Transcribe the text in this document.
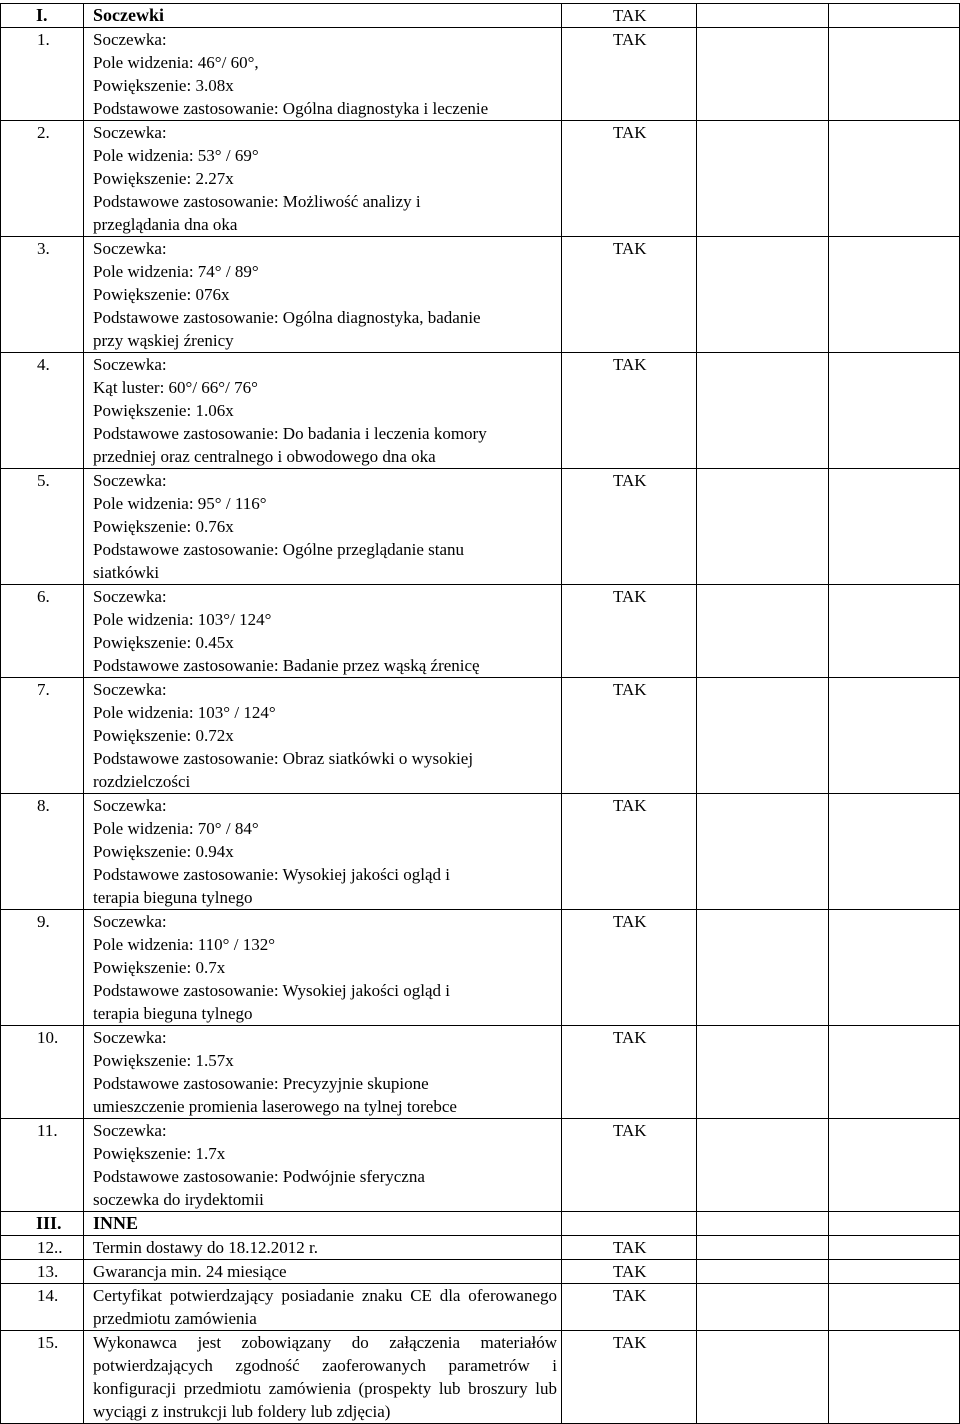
I.	Soczewki	TAK		
1.	Soczewka:
Pole widzenia: 46°/ 60°,
Powiększenie: 3.08x
Podstawowe zastosowanie: Ogólna diagnostyka i leczenie	TAK		
2.	Soczewka:
Pole widzenia: 53° / 69°
Powiększenie: 2.27x
Podstawowe zastosowanie: Możliwość analizy i
przeglądania dna oka	TAK		
3.	Soczewka:
Pole widzenia: 74° / 89°
Powiększenie: 076x
Podstawowe zastosowanie: Ogólna diagnostyka, badanie
przy wąskiej źrenicy	TAK		
4.	Soczewka:
Kąt luster: 60°/ 66°/ 76°
Powiększenie: 1.06x
Podstawowe zastosowanie: Do badania i leczenia komory
przedniej oraz centralnego i obwodowego dna oka	TAK		
5.	Soczewka:
Pole widzenia: 95° / 116°
Powiększenie: 0.76x
Podstawowe zastosowanie: Ogólne przeglądanie stanu
siatkówki	TAK		
6.	Soczewka:
Pole widzenia: 103°/ 124°
Powiększenie: 0.45x
Podstawowe zastosowanie: Badanie przez wąską źrenicę	TAK		
7.	Soczewka:
Pole widzenia: 103° / 124°
Powiększenie: 0.72x
Podstawowe zastosowanie: Obraz siatkówki o wysokiej
rozdzielczości	TAK		
8.	Soczewka:
Pole widzenia: 70° / 84°
Powiększenie: 0.94x
Podstawowe zastosowanie: Wysokiej jakości ogląd i
terapia bieguna tylnego	TAK		
9.	Soczewka:
Pole widzenia: 110° / 132°
Powiększenie: 0.7x
Podstawowe zastosowanie: Wysokiej jakości ogląd i
terapia bieguna tylnego	TAK		
10.	Soczewka:
Powiększenie: 1.57x
Podstawowe zastosowanie: Precyzyjnie skupione
umieszczenie promienia laserowego na tylnej torebce	TAK		
11.	Soczewka:
Powiększenie: 1.7x
Podstawowe zastosowanie: Podwójnie sferyczna
soczewka do irydektomii	TAK		
III.	INNE			
12..	Termin dostawy do 18.12.2012 r.	TAK		
13.	Gwarancja min. 24 miesiące	TAK		
14.	Certyfikat potwierdzający posiadanie znaku CE dla oferowanego przedmiotu zamówienia	TAK		
15.	Wykonawca jest zobowiązany do załączenia materiałów potwierdzających zgodność zaoferowanych parametrów i konfiguracji przedmiotu zamówienia (prospekty lub broszury lub wyciągi z instrukcji lub foldery lub zdjęcia)	TAK		
